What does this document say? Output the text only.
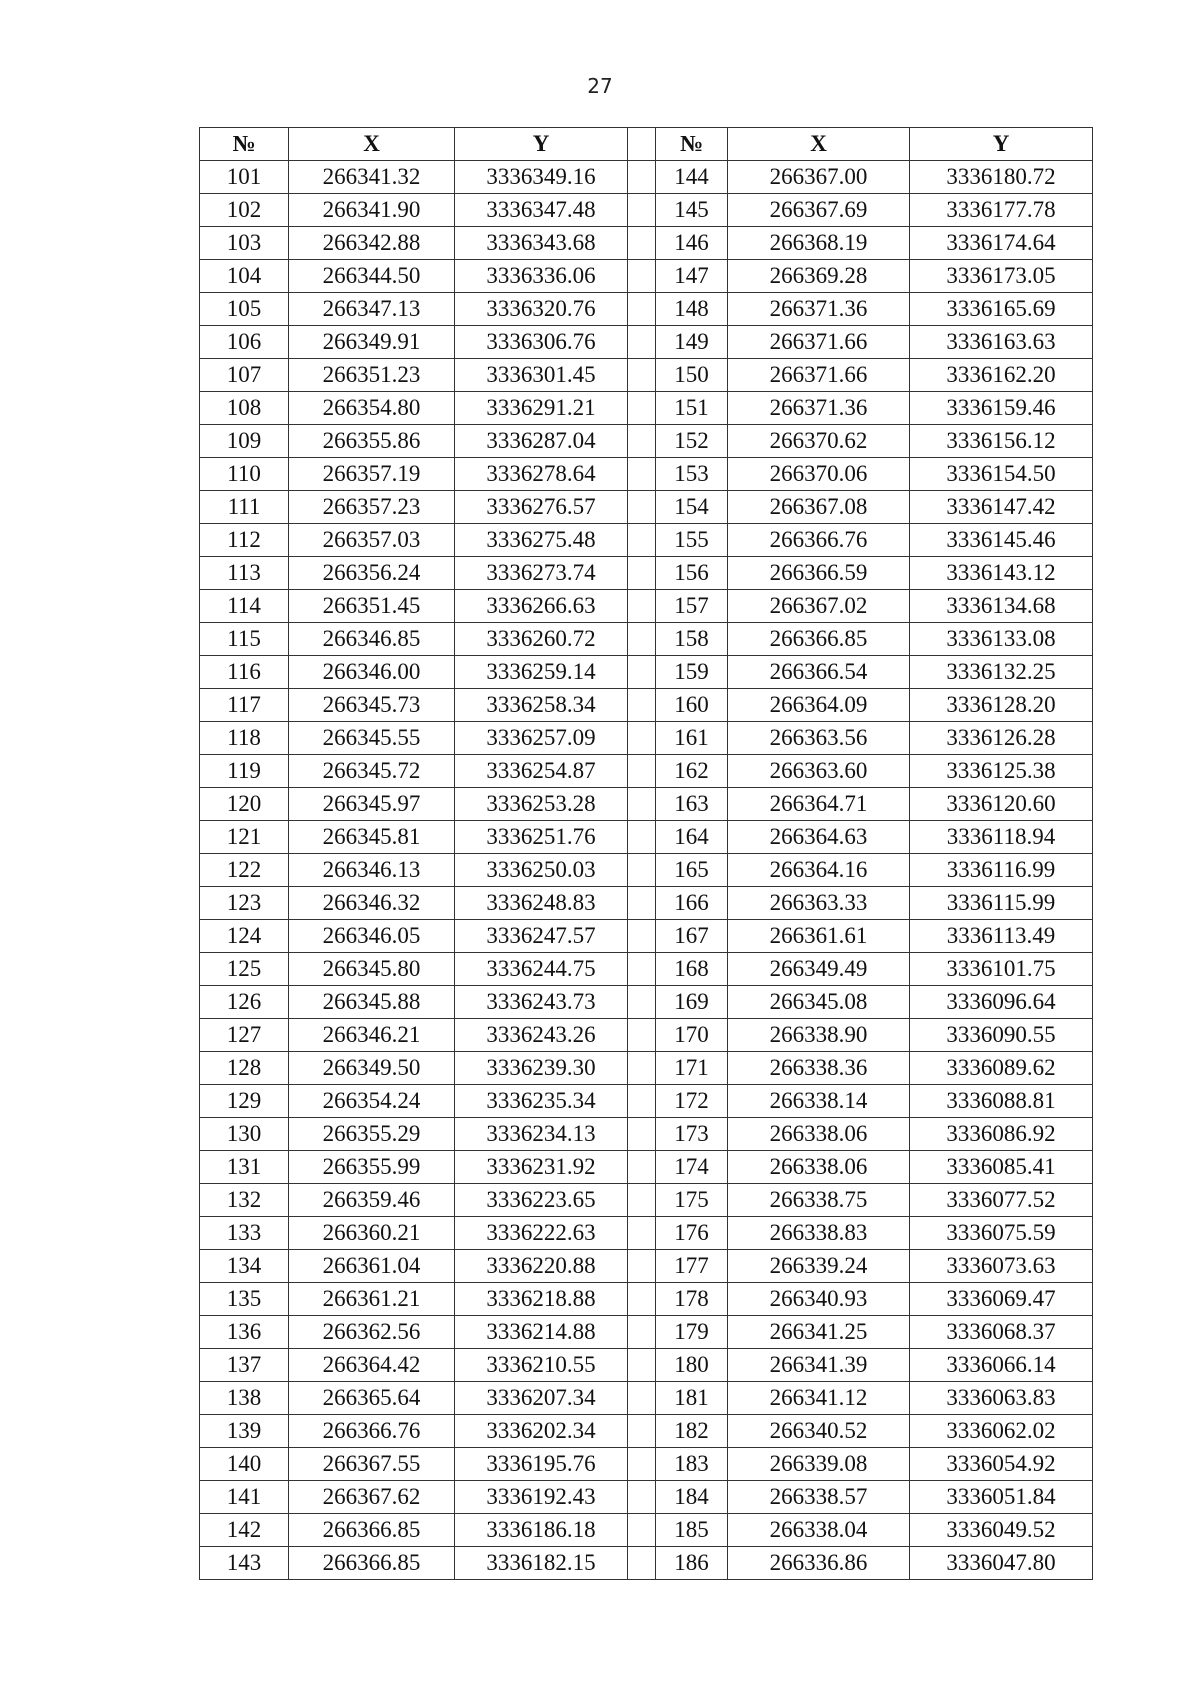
27
№	X	Y		№	X	Y
101	266341.32	3336349.16		144	266367.00	3336180.72
102	266341.90	3336347.48		145	266367.69	3336177.78
103	266342.88	3336343.68		146	266368.19	3336174.64
104	266344.50	3336336.06		147	266369.28	3336173.05
105	266347.13	3336320.76		148	266371.36	3336165.69
106	266349.91	3336306.76		149	266371.66	3336163.63
107	266351.23	3336301.45		150	266371.66	3336162.20
108	266354.80	3336291.21		151	266371.36	3336159.46
109	266355.86	3336287.04		152	266370.62	3336156.12
110	266357.19	3336278.64		153	266370.06	3336154.50
111	266357.23	3336276.57		154	266367.08	3336147.42
112	266357.03	3336275.48		155	266366.76	3336145.46
113	266356.24	3336273.74		156	266366.59	3336143.12
114	266351.45	3336266.63		157	266367.02	3336134.68
115	266346.85	3336260.72		158	266366.85	3336133.08
116	266346.00	3336259.14		159	266366.54	3336132.25
117	266345.73	3336258.34		160	266364.09	3336128.20
118	266345.55	3336257.09		161	266363.56	3336126.28
119	266345.72	3336254.87		162	266363.60	3336125.38
120	266345.97	3336253.28		163	266364.71	3336120.60
121	266345.81	3336251.76		164	266364.63	3336118.94
122	266346.13	3336250.03		165	266364.16	3336116.99
123	266346.32	3336248.83		166	266363.33	3336115.99
124	266346.05	3336247.57		167	266361.61	3336113.49
125	266345.80	3336244.75		168	266349.49	3336101.75
126	266345.88	3336243.73		169	266345.08	3336096.64
127	266346.21	3336243.26		170	266338.90	3336090.55
128	266349.50	3336239.30		171	266338.36	3336089.62
129	266354.24	3336235.34		172	266338.14	3336088.81
130	266355.29	3336234.13		173	266338.06	3336086.92
131	266355.99	3336231.92		174	266338.06	3336085.41
132	266359.46	3336223.65		175	266338.75	3336077.52
133	266360.21	3336222.63		176	266338.83	3336075.59
134	266361.04	3336220.88		177	266339.24	3336073.63
135	266361.21	3336218.88		178	266340.93	3336069.47
136	266362.56	3336214.88		179	266341.25	3336068.37
137	266364.42	3336210.55		180	266341.39	3336066.14
138	266365.64	3336207.34		181	266341.12	3336063.83
139	266366.76	3336202.34		182	266340.52	3336062.02
140	266367.55	3336195.76		183	266339.08	3336054.92
141	266367.62	3336192.43		184	266338.57	3336051.84
142	266366.85	3336186.18		185	266338.04	3336049.52
143	266366.85	3336182.15		186	266336.86	3336047.80
